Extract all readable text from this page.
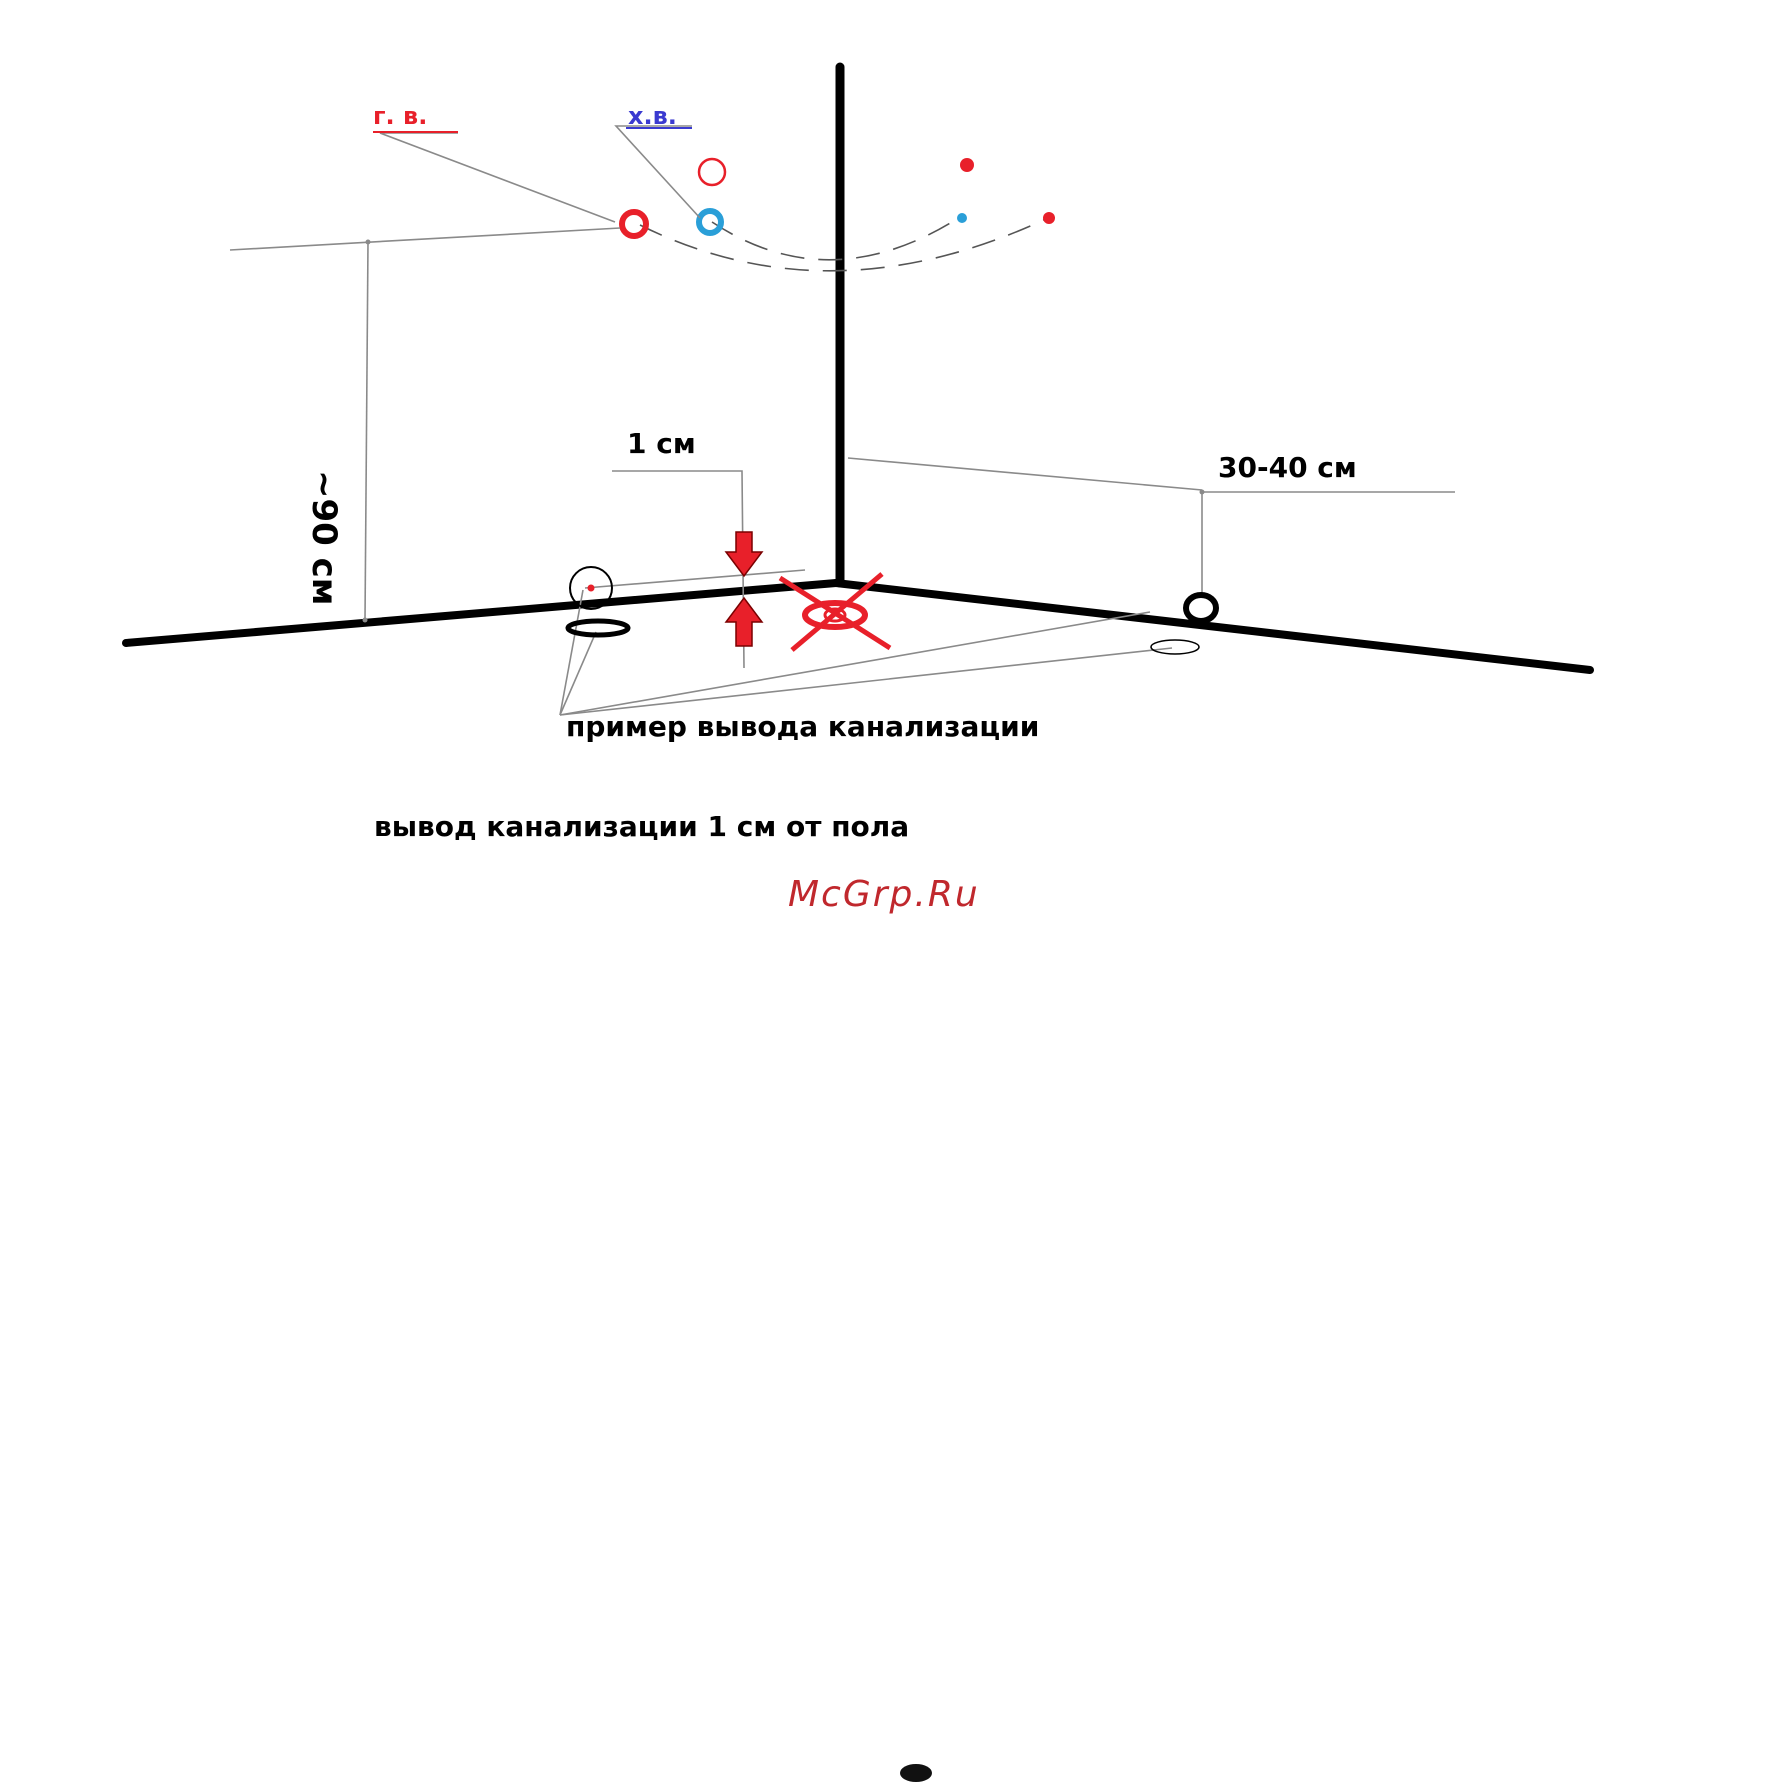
г. в.	х.в.
~90 см
1 см
30-40 см
пример вывода канализации
вывод канализации 1 см от пола
McGrp.Ru
